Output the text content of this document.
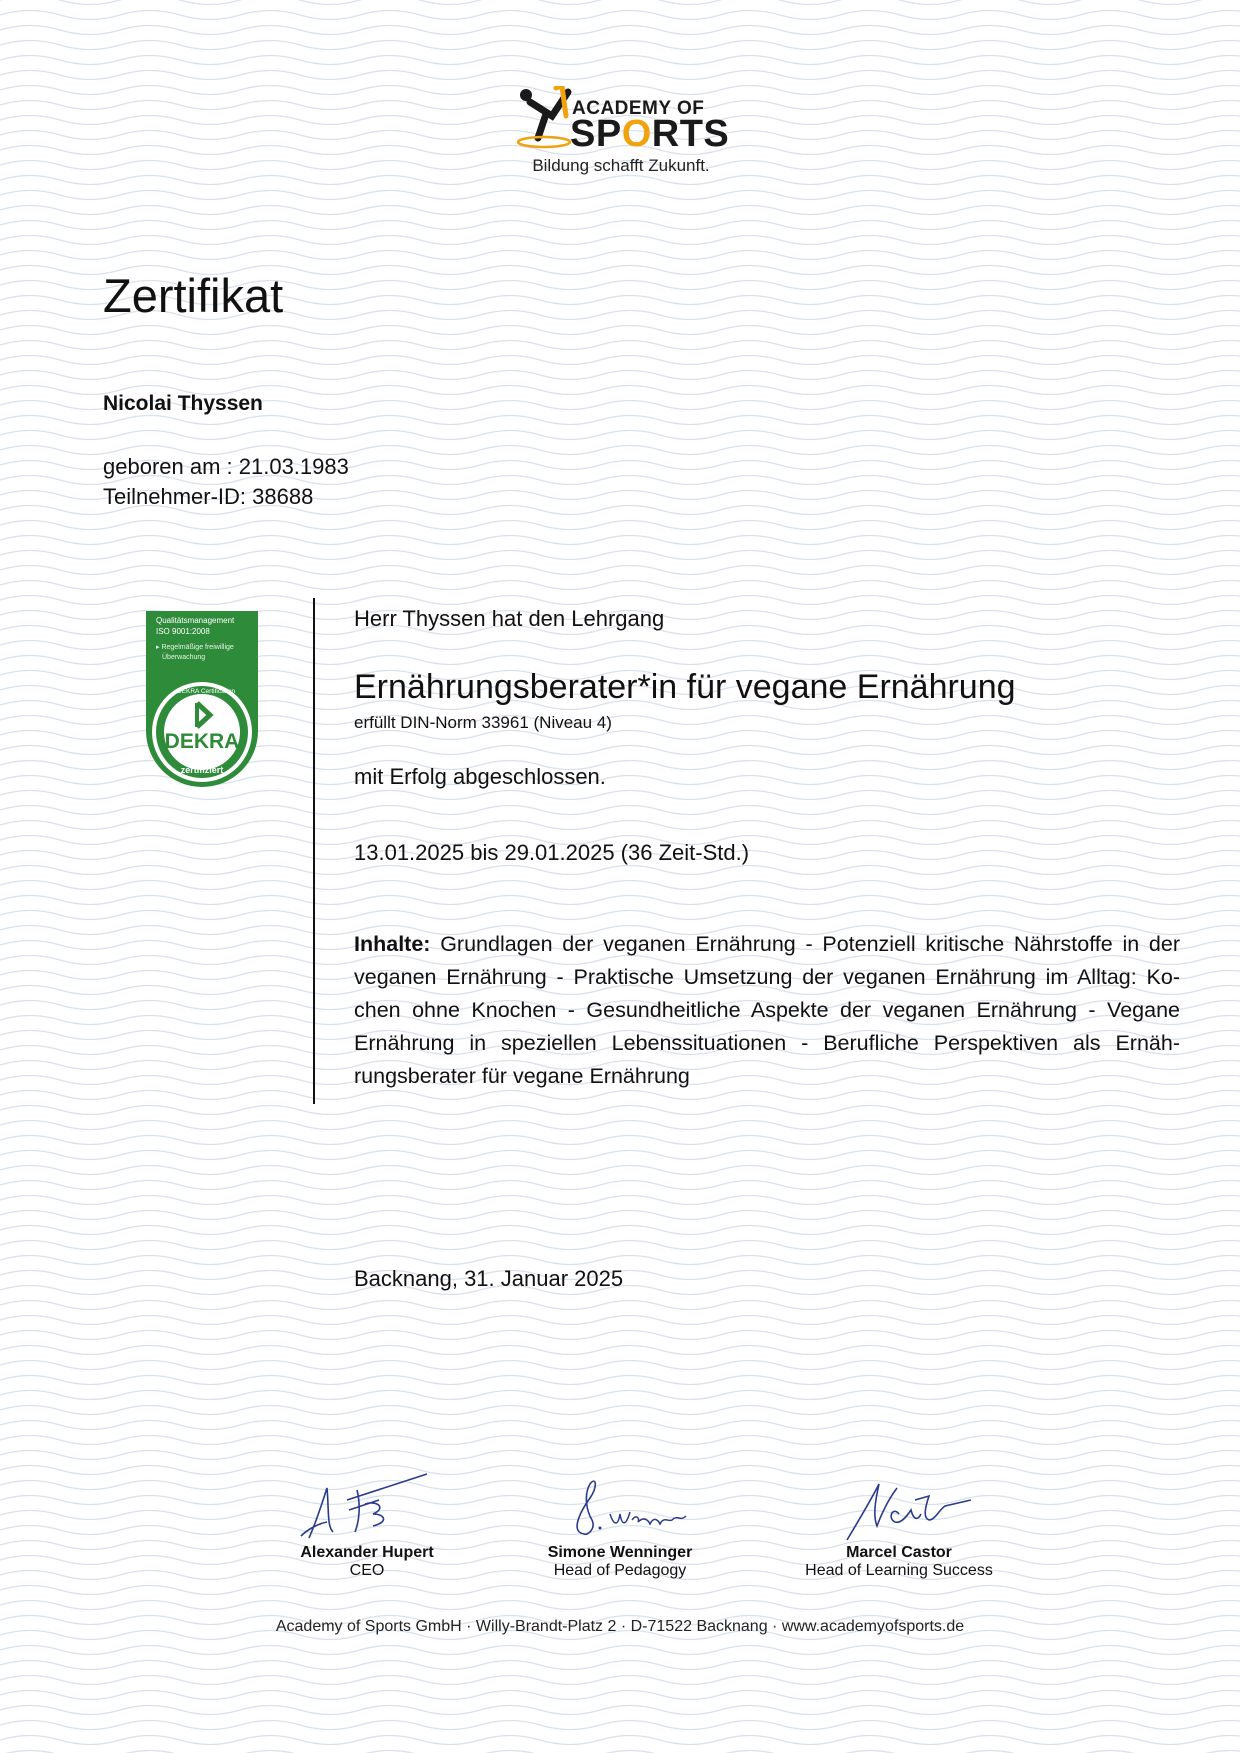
ACADEMY OF
SPORTS
Bildung schafft Zukunft.
Zertifikat
Nicolai Thyssen
geboren am : 21.03.1983
Teilnehmer-ID: 38688
Qualitätsmanagement
ISO 9001:2008
▸ Regelmäßige freiwillige
Überwachung
DEKRA Certification
DEKRA
zertifiziert
Herr Thyssen hat den Lehrgang
Ernährungsberater*in für vegane Ernährung
erfüllt DIN-Norm 33961 (Niveau 4)
mit Erfolg abgeschlossen.
13.01.2025 bis 29.01.2025 (36 Zeit-Std.)
Inhalte: Grundlagen der veganen Ernährung - Potenziell kritische Nährstoffe in der veganen Ernährung - Praktische Umsetzung der veganen Ernährung im Alltag: Kochen ohne Knochen - Gesundheitliche Aspekte der veganen Ernährung - Vegane Ernährung in speziellen Lebenssituationen - Berufliche Perspektiven als Ernährungsberater für vegane Ernährung
Backnang, 31. Januar 2025
Alexander Hupert
CEO
Simone Wenninger
Head of Pedagogy
Marcel Castor
Head of Learning Success
Academy of Sports GmbH · Willy-Brandt-Platz 2 · D-71522 Backnang · www.academyofsports.de
